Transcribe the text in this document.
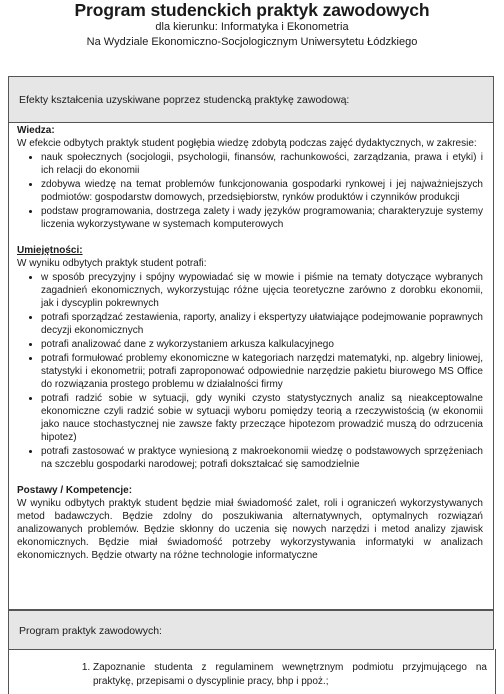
Program studenckich praktyk zawodowych
dla kierunku: Informatyka i Ekonometria
Na Wydziale Ekonomiczno-Socjologicznym Uniwersytetu Łódzkiego
Efekty kształcenia uzyskiwane poprzez studencką praktykę zawodową:
Wiedza:

W efekcie odbytych praktyk student pogłębia wiedzę zdobytą podczas zajęć dydaktycznych, w zakresie:

• nauk społecznych (socjologii, psychologii, finansów, rachunkowości, zarządzania, prawa i etyki) i ich relacji do ekonomii
• zdobywa wiedzę na temat problemów funkcjonowania gospodarki rynkowej i jej najważniejszych podmiotów: gospodarstw domowych, przedsiębiorstw, rynków produktów i czynników produkcji
• podstaw programowania, dostrzega zalety i wady języków programowania; charakteryzuje systemy liczenia wykorzystywane w systemach komputerowych
Umiejętności:

W wyniku odbytych praktyk student potrafi:

• w sposób precyzyjny i spójny wypowiadać się w mowie i piśmie na tematy dotyczące wybranych zagadnień ekonomicznych, wykorzystując różne ujęcia teoretyczne zarówno z dorobku ekonomii, jak i dyscyplin pokrewnych
• potrafi sporządzać zestawienia, raporty, analizy i ekspertyzy ułatwiające podejmowanie poprawnych decyzji ekonomicznych
• potrafi analizować dane z wykorzystaniem arkusza kalkulacyjnego
• potrafi formułować problemy ekonomiczne w kategoriach narzędzi matematyki, np. algebry liniowej, statystyki i ekonometrii; potrafi zaproponować odpowiednie narzędzie pakietu biurowego MS Office do rozwiązania prostego problemu w działalności firmy
• potrafi radzić sobie w sytuacji, gdy wyniki czysto statystycznych analiz są nieakceptowalne ekonomiczne czyli radzić sobie w sytuacji wyboru pomiędzy teorią a rzeczywistością (w ekonomii jako nauce stochastycznej nie zawsze fakty przeczące hipotezom prowadzić muszą do odrzucenia hipotez)
• potrafi zastosować w praktyce wyniesioną z makroekonomii wiedzę o podstawowych sprzężeniach na szczeblu gospodarki narodowej; potrafi dokształcać się samodzielnie
Postawy / Kompetencje:

W wyniku odbytych praktyk student będzie miał świadomość zalet, roli i ograniczeń wykorzystywanych metod badawczych. Będzie zdolny do poszukiwania alternatywnych, optymalnych rozwiązań analizowanych problemów. Będzie skłonny do uczenia się nowych narzędzi i metod analizy zjawisk ekonomicznych. Będzie miał świadomość potrzeby wykorzystywania informatyki w analizach ekonomicznych. Będzie otwarty na różne technologie informatyczne

Program praktyk zawodowych:
1. Zapoznanie studenta z regulaminem wewnętrznym podmiotu przyjmującego na praktykę, przepisami o dyscyplinie pracy, bhp i ppoż.;
